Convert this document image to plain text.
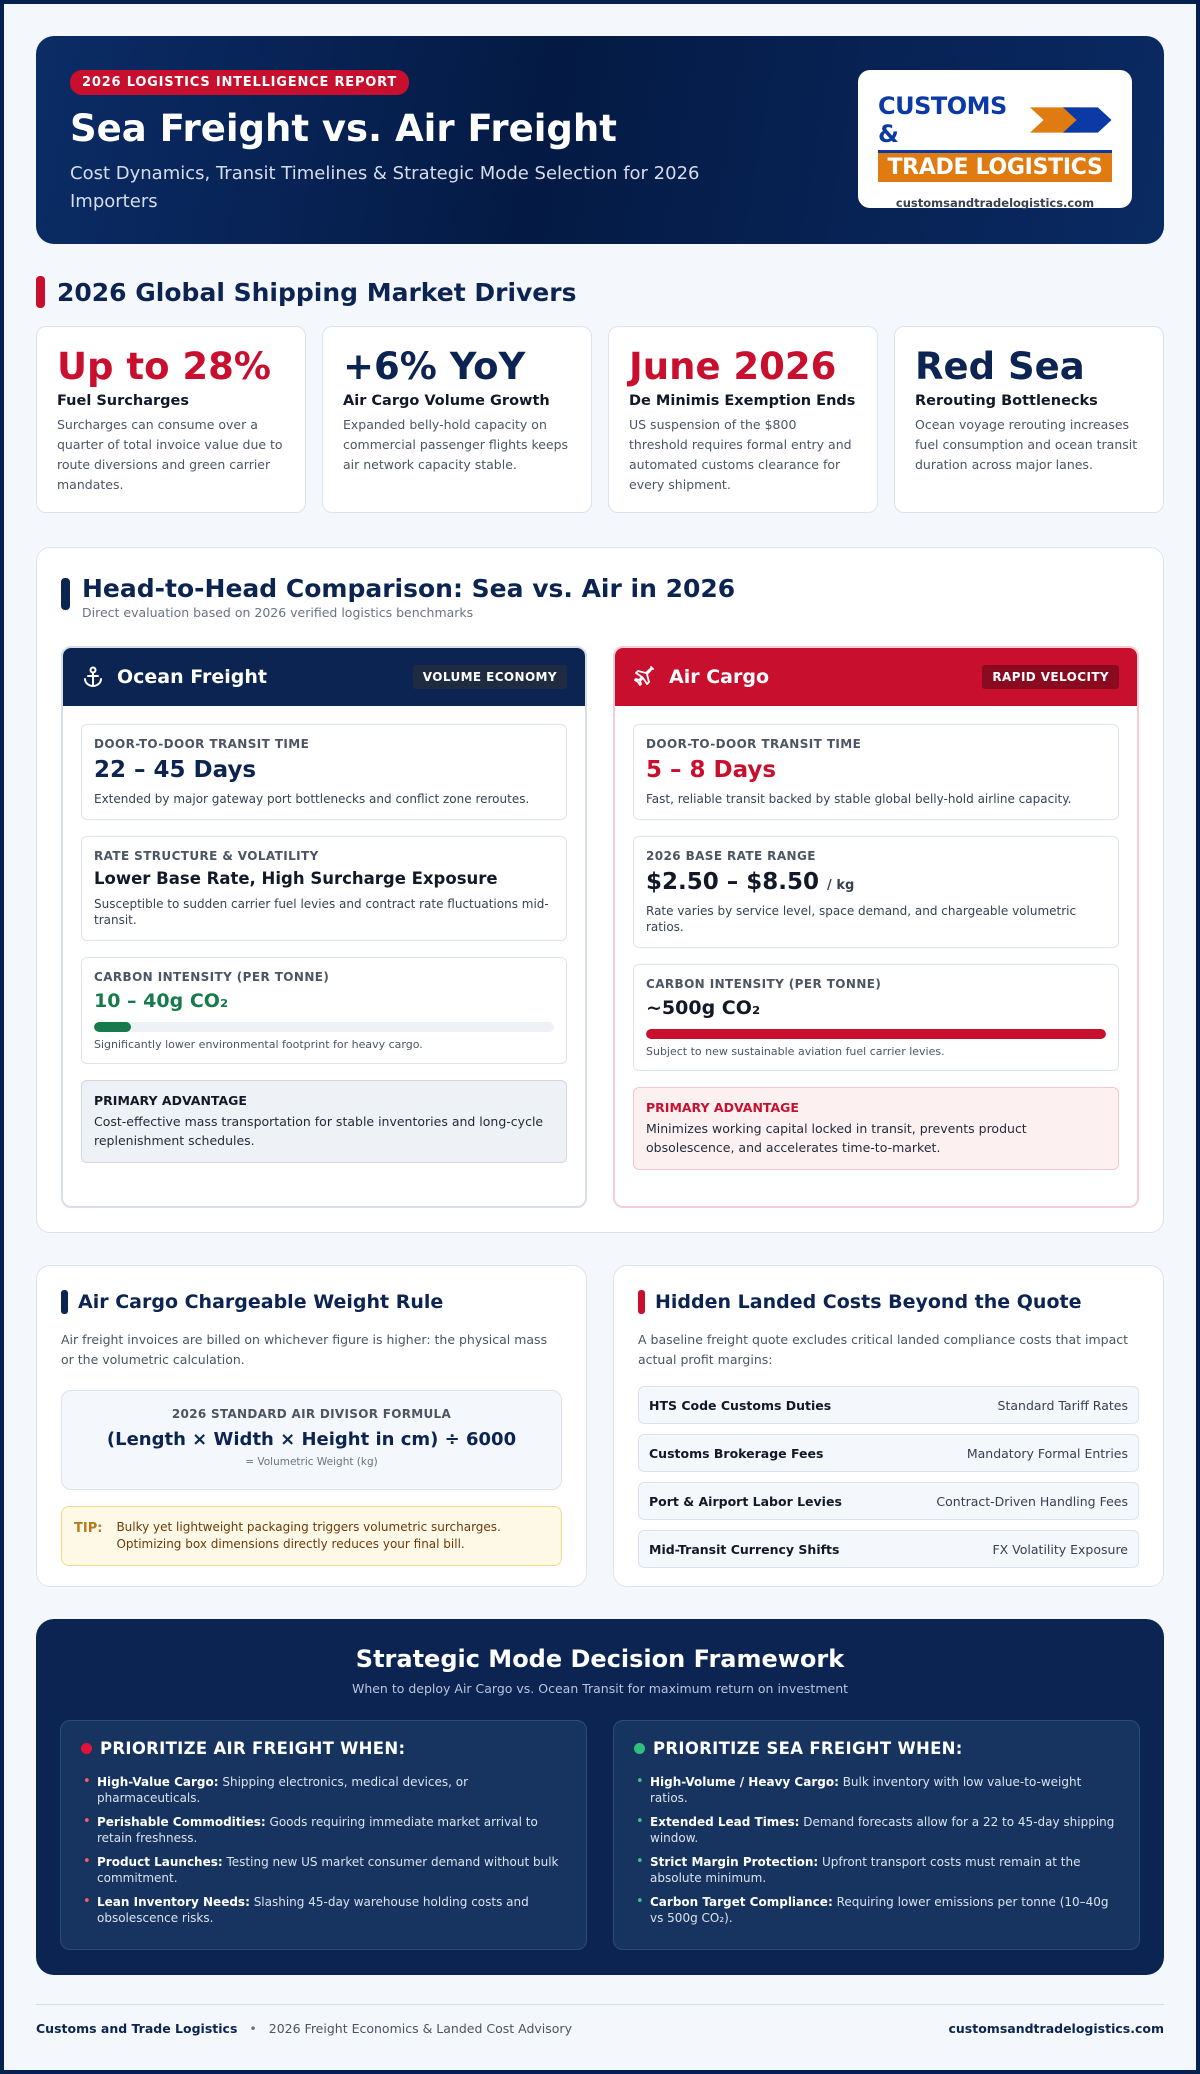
2026 LOGISTICS INTELLIGENCE REPORT
Sea Freight vs. Air Freight
Cost Dynamics, Transit Timelines & Strategic Mode Selection for 2026 Importers
CUSTOMS &
TRADE LOGISTICS
customsandtradelogistics.com
2026 Global Shipping Market Drivers
Up to 28%
Fuel Surcharges
Surcharges can consume over a quarter of total invoice value due to route diversions and green carrier mandates.
+6% YoY
Air Cargo Volume Growth
Expanded belly-hold capacity on commercial passenger flights keeps air network capacity stable.
June 2026
De Minimis Exemption Ends
US suspension of the $800 threshold requires formal entry and automated customs clearance for every shipment.
Red Sea
Rerouting Bottlenecks
Ocean voyage rerouting increases fuel consumption and ocean transit duration across major lanes.
Head-to-Head Comparison: Sea vs. Air in 2026
Direct evaluation based on 2026 verified logistics benchmarks
Ocean Freight	VOLUME ECONOMY
DOOR-TO-DOOR TRANSIT TIME
22 – 45 Days
Extended by major gateway port bottlenecks and conflict zone reroutes.
RATE STRUCTURE & VOLATILITY
Lower Base Rate, High Surcharge Exposure
Susceptible to sudden carrier fuel levies and contract rate fluctuations mid-transit.
CARBON INTENSITY (PER TONNE)
10 – 40g CO₂
Significantly lower environmental footprint for heavy cargo.
PRIMARY ADVANTAGE
Cost-effective mass transportation for stable inventories and long-cycle replenishment schedules.
Air Cargo	RAPID VELOCITY
DOOR-TO-DOOR TRANSIT TIME
5 – 8 Days
Fast, reliable transit backed by stable global belly-hold airline capacity.
2026 BASE RATE RANGE
$2.50 – $8.50 / kg
Rate varies by service level, space demand, and chargeable volumetric ratios.
CARBON INTENSITY (PER TONNE)
~500g CO₂
Subject to new sustainable aviation fuel carrier levies.
PRIMARY ADVANTAGE
Minimizes working capital locked in transit, prevents product obsolescence, and accelerates time-to-market.
Air Cargo Chargeable Weight Rule
Air freight invoices are billed on whichever figure is higher: the physical mass or the volumetric calculation.
2026 STANDARD AIR DIVISOR FORMULA
(Length × Width × Height in cm) ÷ 6000
= Volumetric Weight (kg)
TIP: Bulky yet lightweight packaging triggers volumetric surcharges. Optimizing box dimensions directly reduces your final bill.
Hidden Landed Costs Beyond the Quote
A baseline freight quote excludes critical landed compliance costs that impact actual profit margins:
HTS Code Customs Duties	Standard Tariff Rates
Customs Brokerage Fees	Mandatory Formal Entries
Port & Airport Labor Levies	Contract-Driven Handling Fees
Mid-Transit Currency Shifts	FX Volatility Exposure
Strategic Mode Decision Framework
When to deploy Air Cargo vs. Ocean Transit for maximum return on investment
PRIORITIZE AIR FREIGHT WHEN:
• High-Value Cargo: Shipping electronics, medical devices, or pharmaceuticals.
• Perishable Commodities: Goods requiring immediate market arrival to retain freshness.
• Product Launches: Testing new US market consumer demand without bulk commitment.
• Lean Inventory Needs: Slashing 45-day warehouse holding costs and obsolescence risks.
PRIORITIZE SEA FREIGHT WHEN:
• High-Volume / Heavy Cargo: Bulk inventory with low value-to-weight ratios.
• Extended Lead Times: Demand forecasts allow for a 22 to 45-day shipping window.
• Strict Margin Protection: Upfront transport costs must remain at the absolute minimum.
• Carbon Target Compliance: Requiring lower emissions per tonne (10–40g vs 500g CO₂).
Customs and Trade Logistics • 2026 Freight Economics & Landed Cost Advisory	customsandtradelogistics.com
